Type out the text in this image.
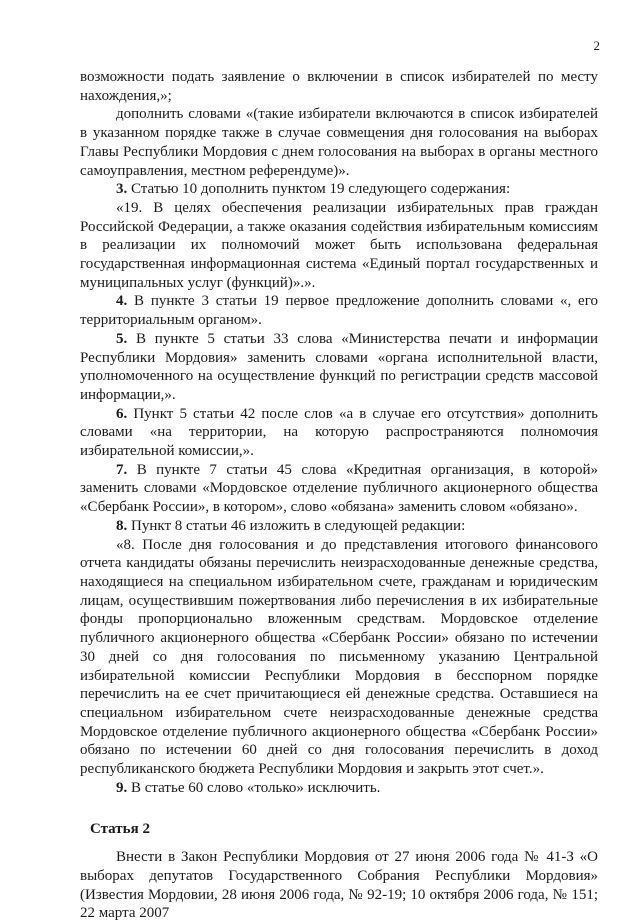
2

возможности подать заявление о включении в список избирателей по месту нахождения,»;

дополнить словами «(такие избиратели включаются в список избирателей в указанном порядке также в случае совмещения дня голосования на выборах Главы Республики Мордовия с днем голосования на выборах в органы местного самоуправления, местном референдуме)».

3. Статью 10 дополнить пунктом 19 следующего содержания:

«19. В целях обеспечения реализации избирательных прав граждан Российской Федерации, а также оказания содействия избирательным комиссиям в реализации их полномочий может быть использована федеральная государственная информационная система «Единый портал государственных и муниципальных услуг (функций)».».

4. В пункте 3 статьи 19 первое предложение дополнить словами «, его территориальным органом».

5. В пункте 5 статьи 33 слова «Министерства печати и информации Республики Мордовия» заменить словами «органа исполнительной власти, уполномоченного на осуществление функций по регистрации средств массовой информации,».

6. Пункт 5 статьи 42 после слов «а в случае его отсутствия» дополнить словами «на территории, на которую распространяются полномочия избирательной комиссии,».

7. В пункте 7 статьи 45 слова «Кредитная организация, в которой» заменить словами «Мордовское отделение публичного акционерного общества «Сбербанк России», в котором», слово «обязана» заменить словом «обязано».

8. Пункт 8 статьи 46 изложить в следующей редакции:

«8. После дня голосования и до представления итогового финансового отчета кандидаты обязаны перечислить неизрасходованные денежные средства, находящиеся на специальном избирательном счете, гражданам и юридическим лицам, осуществившим пожертвования либо перечисления в их избирательные фонды пропорционально вложенным средствам. Мордовское отделение публичного акционерного общества «Сбербанк России» обязано по истечении 30 дней со дня голосования по письменному указанию Центральной избирательной комиссии Республики Мордовия в бесспорном порядке перечислить на ее счет причитающиеся ей денежные средства. Оставшиеся на специальном избирательном счете неизрасходованные денежные средства Мордовское отделение публичного акционерного общества «Сбербанк России» обязано по истечении 60 дней со дня голосования перечислить в доход республиканского бюджета Республики Мордовия и закрыть этот счет.».

9. В статье 60 слово «только» исключить.

Статья 2

Внести в Закон Республики Мордовия от 27 июня 2006 года № 41-З «О выборах депутатов Государственного Собрания Республики Мордовия» (Известия Мордовии, 28 июня 2006 года, № 92-19; 10 октября 2006 года, № 151; 22 марта 2007
